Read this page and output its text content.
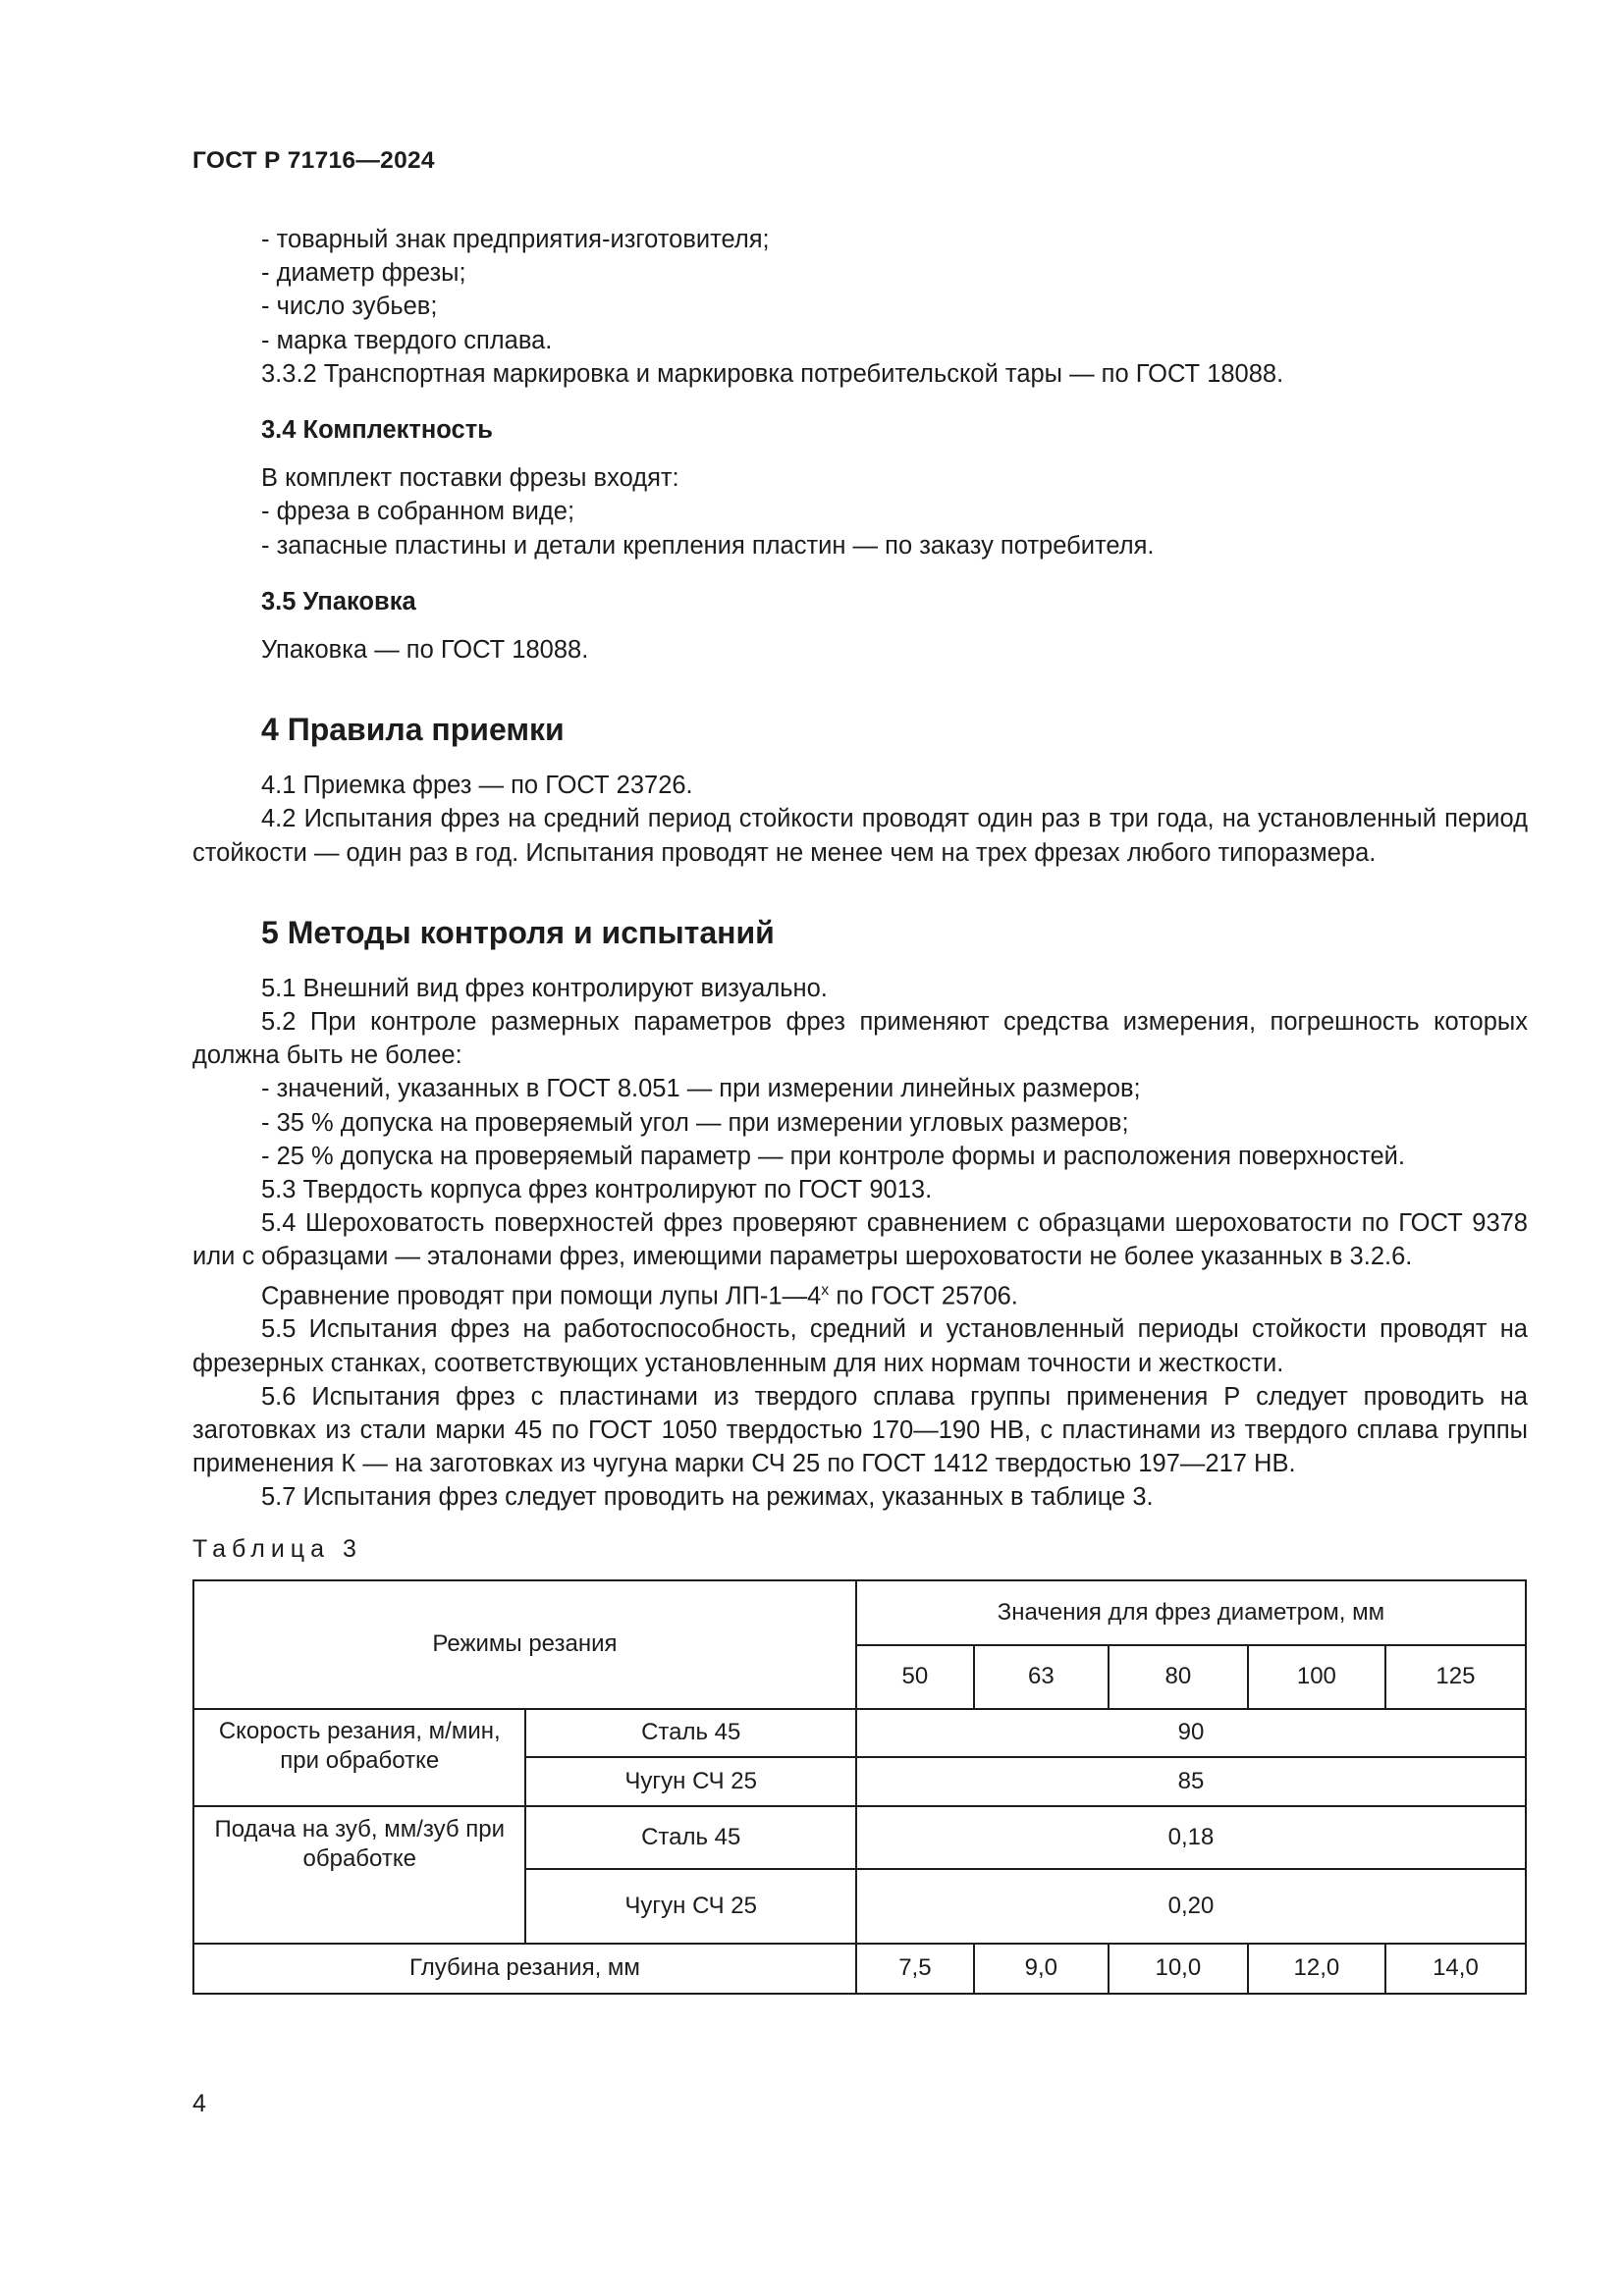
ГОСТ Р 71716—2024

- товарный знак предприятия-изготовителя;

- диаметр фрезы;

- число зубьев;

- марка твердого сплава.

3.3.2 Транспортная маркировка и маркировка потребительской тары — по ГОСТ 18088.

3.4 Комплектность

В комплект поставки фрезы входят:

- фреза в собранном виде;

- запасные пластины и детали крепления пластин — по заказу потребителя.

3.5 Упаковка

Упаковка — по ГОСТ 18088.

4 Правила приемки

4.1 Приемка фрез — по ГОСТ 23726.

4.2 Испытания фрез на средний период стойкости проводят один раз в три года, на установленный период стойкости — один раз в год. Испытания проводят не менее чем на трех фрезах любого типоразмера.

5 Методы контроля и испытаний

5.1 Внешний вид фрез контролируют визуально.

5.2 При контроле размерных параметров фрез применяют средства измерения, погрешность которых должна быть не более:

- значений, указанных в ГОСТ 8.051 — при измерении линейных размеров;

- 35 % допуска на проверяемый угол — при измерении угловых размеров;

- 25 % допуска на проверяемый параметр — при контроле формы и расположения поверхностей.

5.3 Твердость корпуса фрез контролируют по ГОСТ 9013.

5.4 Шероховатость поверхностей фрез проверяют сравнением с образцами шероховатости по ГОСТ 9378 или с образцами — эталонами фрез, имеющими параметры шероховатости не более указанных в 3.2.6.

Сравнение проводят при помощи лупы $ЛП-1—4^х$ по ГОСТ 25706.

5.5 Испытания фрез на работоспособность, средний и установленный периоды стойкости проводят на фрезерных станках, соответствующих установленным для них нормам точности и жесткости.

5.6 Испытания фрез с пластинами из твердого сплава группы применения Р следует проводить на заготовках из стали марки 45 по ГОСТ 1050 твердостью 170—190 НВ, с пластинами из твердого сплава группы применения К — на заготовках из чугуна марки СЧ 25 по ГОСТ 1412 твердостью 197—217 НВ.

5.7 Испытания фрез следует проводить на режимах, указанных в таблице 3.

Таблица 3

Режимы резания		Значения для фрез диаметром, мм				
		50	63	80	100	125
Скорость резания, м/мин, при обработке	Сталь 45	90				
	Чугун СЧ 25	85				
Подача на зуб, мм/зуб при обработке	Сталь 45	0,18				
	Чугун СЧ 25	0,20				
Глубина резания, мм		7,5	9,0	10,0	12,0	14,0
4
